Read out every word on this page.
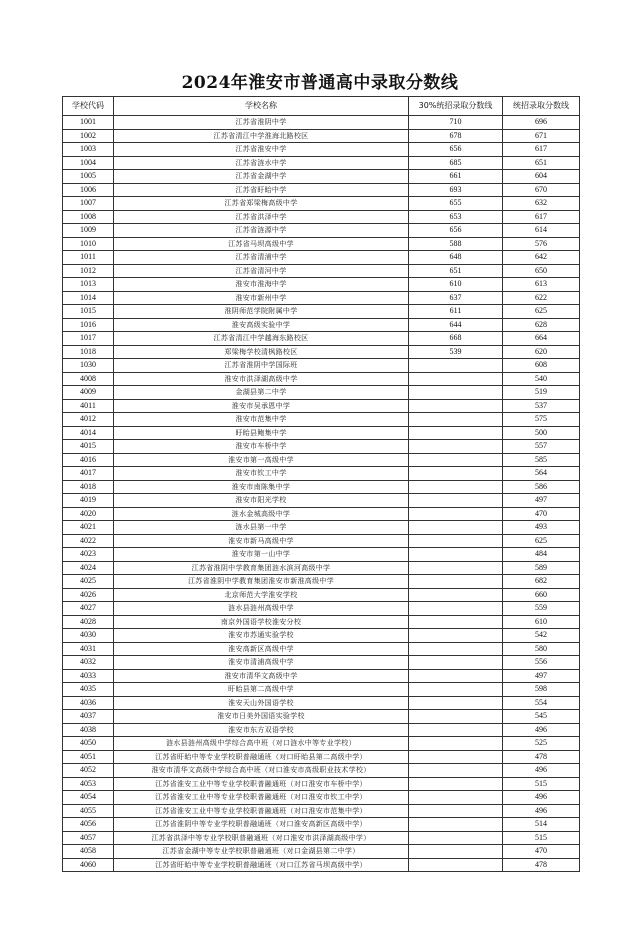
2024年淮安市普通高中录取分数线
学校代码	学校名称	30%统招录取分数线	统招录取分数线
1001	江苏省淮阴中学	710	696
1002	江苏省清江中学淮海北路校区	678	671
1003	江苏省淮安中学	656	617
1004	江苏省涟水中学	685	651
1005	江苏省金湖中学	661	604
1006	江苏省盱眙中学	693	670
1007	江苏省郑梁梅高级中学	655	632
1008	江苏省洪泽中学	653	617
1009	江苏省涟源中学	656	614
1010	江苏省马坝高级中学	588	576
1011	江苏省清浦中学	648	642
1012	江苏省清河中学	651	650
1013	淮安市淮海中学	610	613
1014	淮安市新州中学	637	622
1015	淮阴师范学院附属中学	611	625
1016	淮安高级实验中学	644	628
1017	江苏省清江中学越海东路校区	668	664
1018	郑梁梅学校清枫路校区	539	620
1030	江苏省淮阴中学国际班		608
4008	淮安市洪泽湖高级中学		540
4009	金湖县第二中学		519
4011	淮安市吴承恩中学		537
4012	淮安市范集中学		575
4014	盱眙县鲍集中学		500
4015	淮安市车桥中学		557
4016	淮安市第一高级中学		585
4017	淮安市钦工中学		564
4018	淮安市南陈集中学		586
4019	淮安市阳光学校		497
4020	涟水金城高级中学		470
4021	涟水县第一中学		493
4022	淮安市新马高级中学		625
4023	淮安市第一山中学		484
4024	江苏省淮阴中学教育集团涟水滨河高级中学		589
4025	江苏省淮阴中学教育集团淮安市新淮高级中学		682
4026	北京师范大学淮安学校		660
4027	涟水县涟州高级中学		559
4028	南京外国语学校淮安分校		610
4030	淮安市苏通实验学校		542
4031	淮安高新区高级中学		580
4032	淮安市清浦高级中学		556
4033	淮安市清华文高级中学		497
4035	盱眙县第二高级中学		598
4036	淮安天山外国语学校		554
4037	淮安市日美外国语实验学校		545
4038	淮安市东方双语学校		496
4050	涟水县涟州高级中学综合高中班（对口涟水中等专业学校）		525
4051	江苏省盱眙中等专业学校职普融通班（对口盱眙县第二高级中学）		478
4052	淮安市清华文高级中学综合高中班（对口淮安市高级职业技术学校）		496
4053	江苏省淮安工业中等专业学校职普融通班（对口淮安市车桥中学）		515
4054	江苏省淮安工业中等专业学校职普融通班（对口淮安市钦工中学）		496
4055	江苏省淮安工业中等专业学校职普融通班（对口淮安市范集中学）		496
4056	江苏省淮阴中等专业学校职普融通班（对口淮安高新区高级中学）		514
4057	江苏省洪泽中等专业学校职普融通班（对口淮安市洪泽湖高级中学）		515
4058	江苏省金湖中等专业学校职普融通班（对口金湖县第二中学）		470
4060	江苏省盱眙中等专业学校职普融通班（对口江苏省马坝高级中学）		478
